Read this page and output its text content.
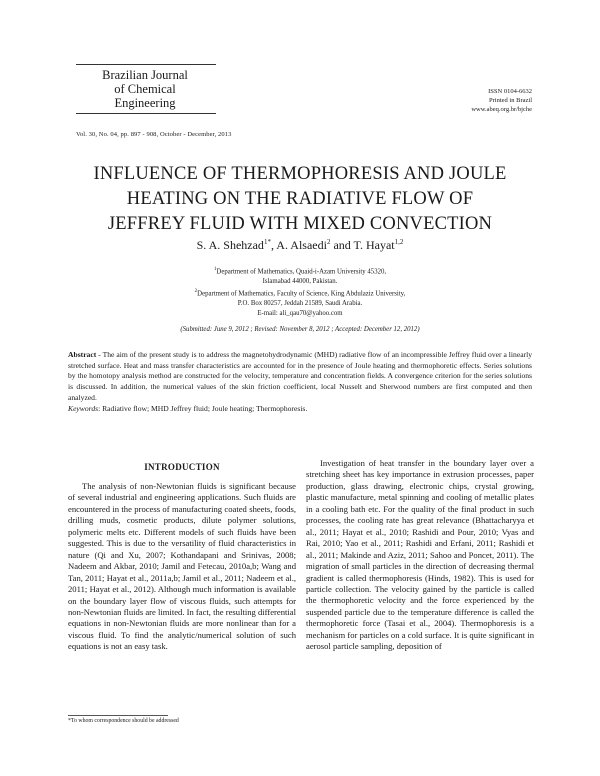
Brazilian Journal
of Chemical
Engineering
ISSN 0104-6632
Printed in Brazil
www.abeq.org.br/bjche
Vol. 30, No. 04, pp. 897 - 908, October - December, 2013
INFLUENCE OF THERMOPHORESIS AND JOULE
HEATING ON THE RADIATIVE FLOW OF
JEFFREY FLUID WITH MIXED CONVECTION
S. A. Shehzad$^{1*}$, A. Alsaedi$^2$ and T. Hayat$^{1,2}$
$^1$Department of Mathematics, Quaid-i-Azam University 45320,
Islamabad 44000, Pakistan.
$^2$Department of Mathematics, Faculty of Science, King Abdulaziz University,
P.O. Box 80257, Jeddah 21589, Saudi Arabia.
E-mail: ali_qau70@yahoo.com
(Submitted: June 9, 2012 ; Revised: November 8, 2012 ; Accepted: December 12, 2012)
Abstract - The aim of the present study is to address the magnetohydrodynamic (MHD) radiative flow of an incompressible Jeffrey fluid over a linearly stretched surface. Heat and mass transfer characteristics are accounted for in the presence of Joule heating and thermophoretic effects. Series solutions by the homotopy analysis method are constructed for the velocity, temperature and concentration fields. A convergence criterion for the series solutions is discussed. In addition, the numerical values of the skin friction coefficient, local Nusselt and Sherwood numbers are first computed and then analyzed.
Keywords: Radiative flow; MHD Jeffrey fluid; Joule heating; Thermophoresis.
INTRODUCTION

The analysis of non-Newtonian fluids is significant because of several industrial and engineering applications. Such fluids are encountered in the process of manufacturing coated sheets, foods, drilling muds, cosmetic products, dilute polymer solutions, polymeric melts etc. Different models of such fluids have been suggested. This is due to the versatility of fluid characteristics in nature (Qi and Xu, 2007; Kothandapani and Srinivas, 2008; Nadeem and Akbar, 2010; Jamil and Fetecau, 2010a,b; Wang and Tan, 2011; Hayat et al., 2011a,b; Jamil et al., 2011; Nadeem et al., 2011; Hayat et al., 2012). Although much information is available on the boundary layer flow of viscous fluids, such attempts for non-Newtonian fluids are limited. In fact, the resulting differential equations in non-Newtonian fluids are more nonlinear than for a viscous fluid. To find the analytic/numerical solution of such equations is not an easy task.

Investigation of heat transfer in the boundary layer over a stretching sheet has key importance in extrusion processes, paper production, glass drawing, electronic chips, crystal growing, plastic manufacture, metal spinning and cooling of metallic plates in a cooling bath etc. For the quality of the final product in such processes, the cooling rate has great relevance (Bhattacharyya et al., 2011; Hayat et al., 2010; Rashidi and Pour, 2010; Vyas and Rai, 2010; Yao et al., 2011; Rashidi and Erfani, 2011; Rashidi et al., 2011; Makinde and Aziz, 2011; Sahoo and Poncet, 2011). The migration of small particles in the direction of decreasing thermal gradient is called thermophoresis (Hinds, 1982). This is used for particle collection. The velocity gained by the particle is called the thermophoretic velocity and the force experienced by the suspended particle due to the temperature difference is called the thermophoretic force (Tasai et al., 2004). Thermophoresis is a mechanism for particles on a cold surface. It is quite significant in aerosol particle sampling, deposition of

*To whom correspondence should be addressed
